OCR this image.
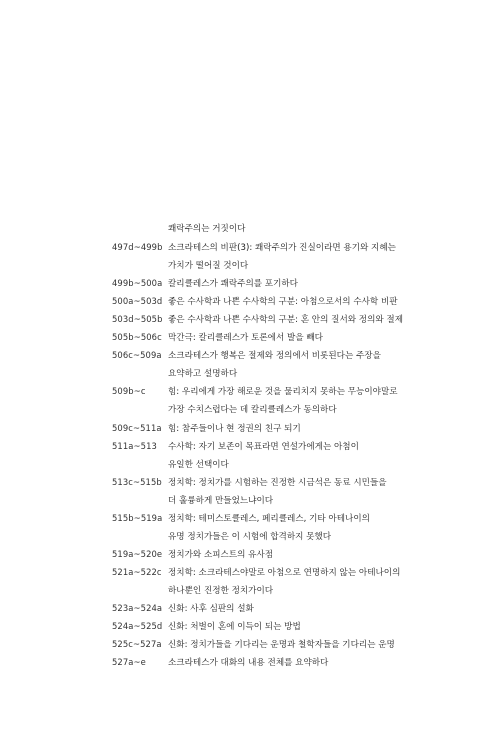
쾌락주의는 거짓이다
497d~499b 소크라테스의 비판(3): 쾌락주의가 진실이라면 용기와 지혜는
가치가 떨어질 것이다
499b~500a 칼리클레스가 쾌락주의를 포기하다
500a~503d 좋은 수사학과 나쁜 수사학의 구분: 아첨으로서의 수사학 비판
503d~505b 좋은 수사학과 나쁜 수사학의 구분: 혼 안의 질서와 정의와 절제
505b~506c 막간극: 칼리클레스가 토론에서 발을 빼다
506c~509a 소크라테스가 행복은 절제와 정의에서 비롯된다는 주장을
요약하고 설명하다
509b~c	힘: 우리에게 가장 해로운 것을 물리치지 못하는 무능이야말로
가장 수치스럽다는 데 칼리클레스가 동의하다
509c~511a 힘: 참주들이나 현 정권의 친구 되기
511a~513 수사학: 자기 보존이 목표라면 연설가에게는 아첨이
유일한 선택이다
513c~515b 정치학: 정치가를 시험하는 진정한 시금석은 동료 시민들을
더 훌륭하게 만들었느냐이다
515b~519a 정치학: 테미스토클레스, 페리클레스, 기타 아테나이의
유명 정치가들은 이 시험에 합격하지 못했다
519a~520e 정치가와 소피스트의 유사점
521a~522c 정치학: 소크라테스야말로 아첨으로 연명하지 않는 아테나이의
하나뿐인 진정한 정치가이다
523a~524a 신화: 사후 심판의 설화
524a~525d 신화: 처벌이 혼에 이득이 되는 방법
525c~527a 신화: 정치가들을 기다리는 운명과 철학자들을 기다리는 운명
527a~e	소크라테스가 대화의 내용 전체를 요약하다
